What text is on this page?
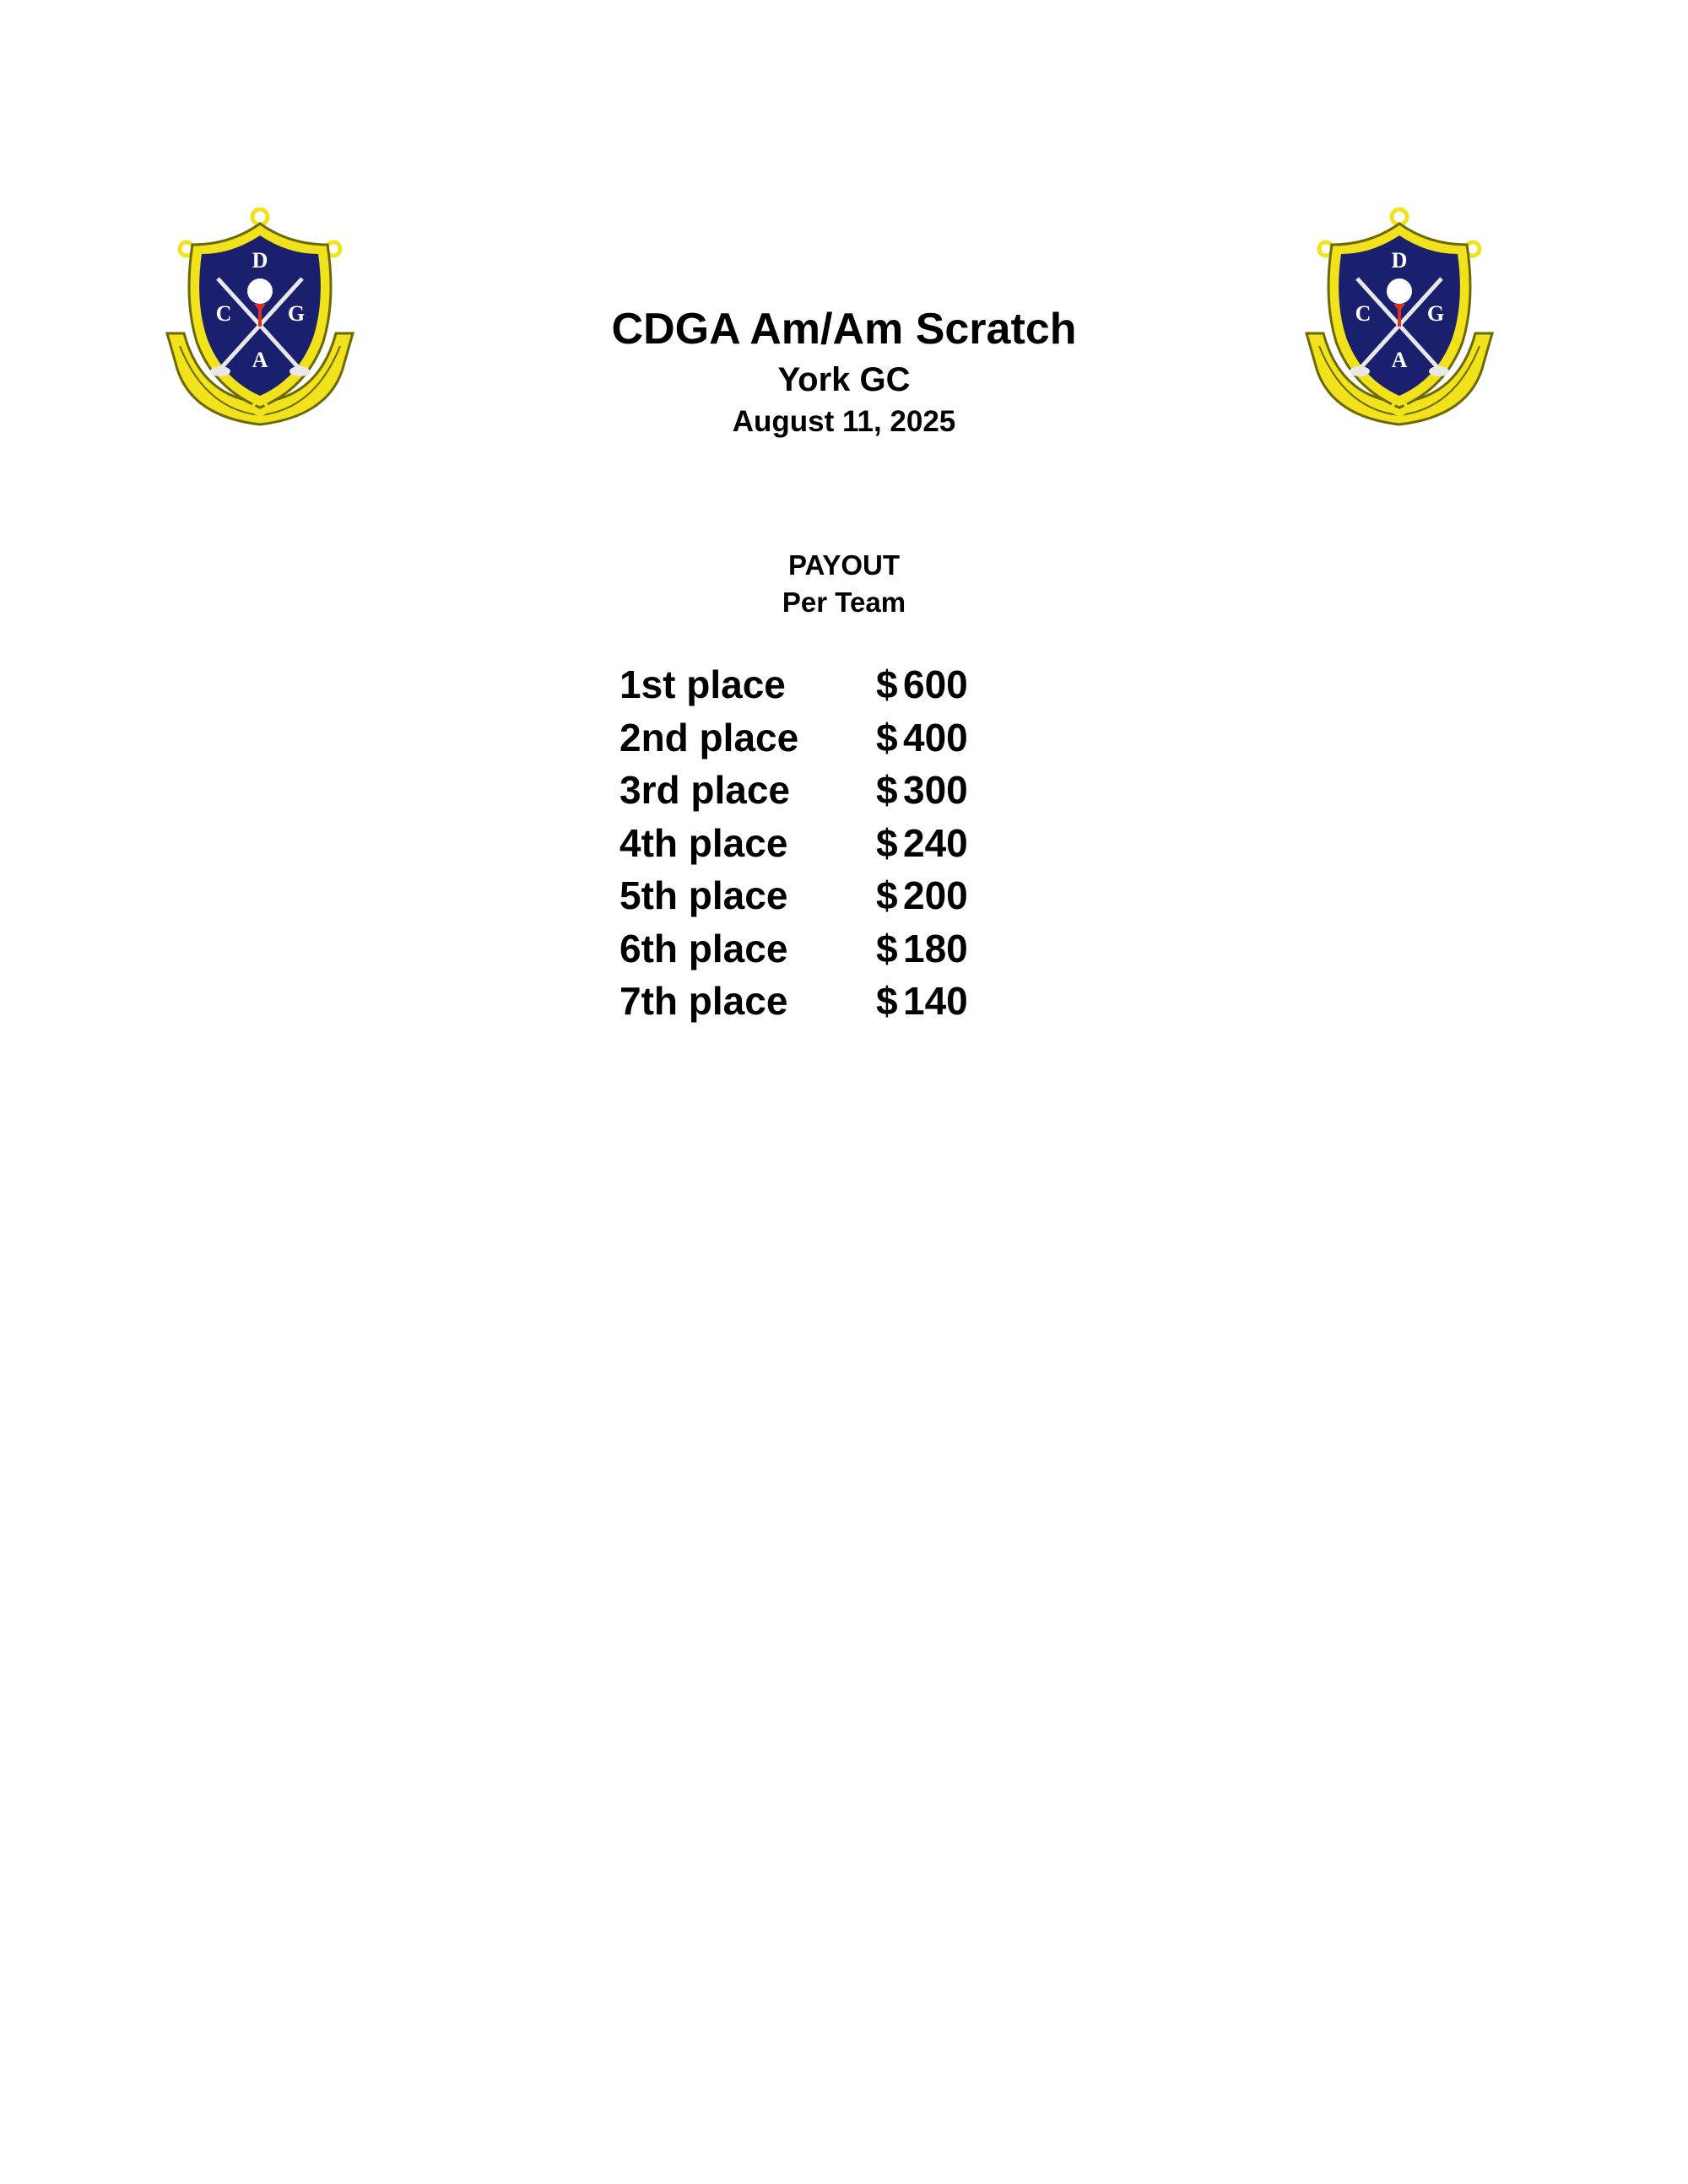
D
C	G
A
D
C	G
A
CDGA Am/Am Scratch
York GC
August 11, 2025
PAYOUT
Per Team
1st place $ 600
2nd place $ 400
3rd place $ 300
4th place $ 240
5th place $ 200
6th place $ 180
7th place $ 140
